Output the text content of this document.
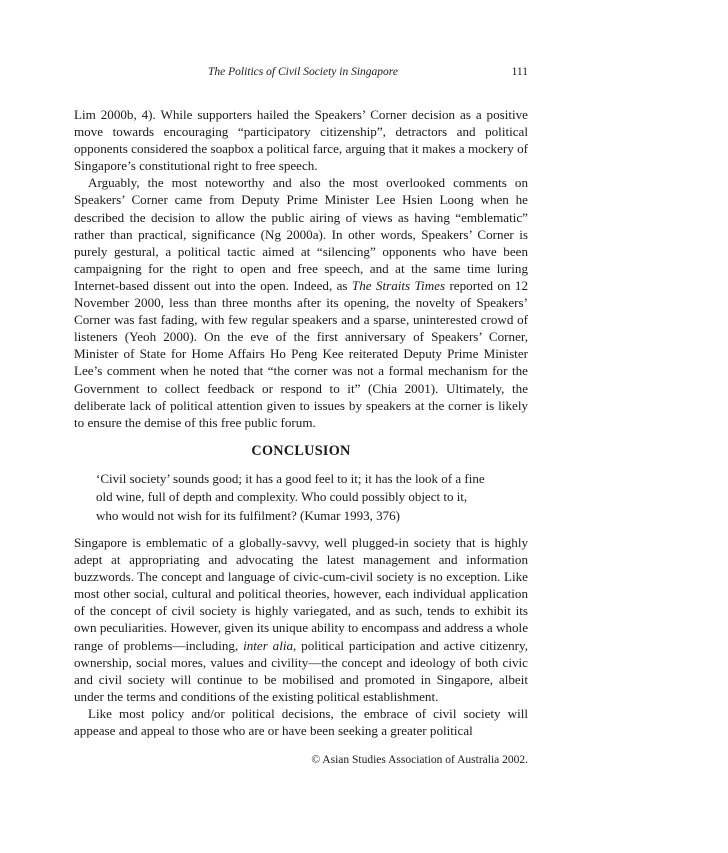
The Politics of Civil Society in Singapore	111

Lim 2000b, 4). While supporters hailed the Speakers’ Corner decision as a positive move towards encouraging “participatory citizenship”, detractors and political opponents considered the soapbox a political farce, arguing that it makes a mockery of Singapore’s constitutional right to free speech.

Arguably, the most noteworthy and also the most overlooked comments on Speakers’ Corner came from Deputy Prime Minister Lee Hsien Loong when he described the decision to allow the public airing of views as having “emblematic” rather than practical, significance (Ng 2000a). In other words, Speakers’ Corner is purely gestural, a political tactic aimed at “silencing” opponents who have been campaigning for the right to open and free speech, and at the same time luring Internet-based dissent out into the open. Indeed, as The Straits Times reported on 12 November 2000, less than three months after its opening, the novelty of Speakers’ Corner was fast fading, with few regular speakers and a sparse, uninterested crowd of listeners (Yeoh 2000). On the eve of the first anniversary of Speakers’ Corner, Minister of State for Home Affairs Ho Peng Kee reiterated Deputy Prime Minister Lee’s comment when he noted that “the corner was not a formal mechanism for the Government to collect feedback or respond to it” (Chia 2001). Ultimately, the deliberate lack of political attention given to issues by speakers at the corner is likely to ensure the demise of this free public forum.

CONCLUSION
‘Civil society’ sounds good; it has a good feel to it; it has the look of a fine
old wine, full of depth and complexity. Who could possibly object to it,
who would not wish for its fulfilment? (Kumar 1993, 376)

Singapore is emblematic of a globally-savvy, well plugged-in society that is highly adept at appropriating and advocating the latest management and information buzzwords. The concept and language of civic-cum-civil society is no exception. Like most other social, cultural and political theories, however, each individual application of the concept of civil society is highly variegated, and as such, tends to exhibit its own peculiarities. However, given its unique ability to encompass and address a whole range of problems—including, inter alia, political participation and active citizenry, ownership, social mores, values and civility—the concept and ideology of both civic and civil society will continue to be mobilised and promoted in Singapore, albeit under the terms and conditions of the existing political establishment.

Like most policy and/or political decisions, the embrace of civil society will appease and appeal to those who are or have been seeking a greater political

© Asian Studies Association of Australia 2002.
